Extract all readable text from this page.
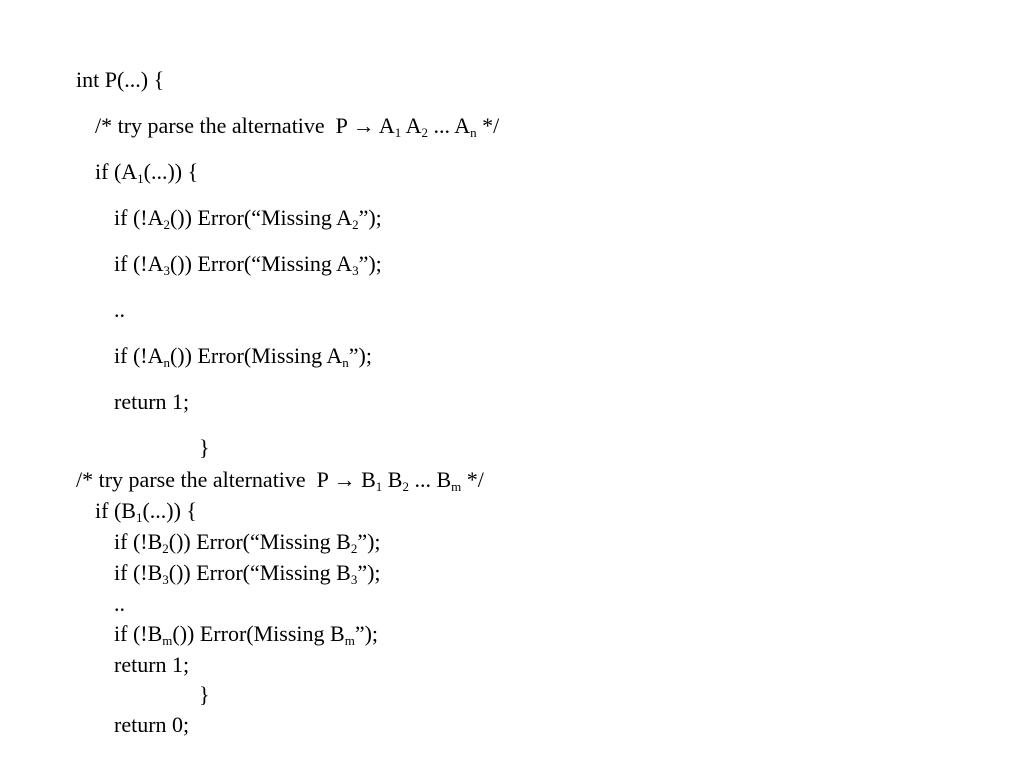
int P(...) {
/* try parse the alternative  $P \to A_1$ $A_2$ ... $A_n$ */
if $(A_1(...))$ {
if $(!A_2())$ Error(“Missing $A_2$”);
if $(!A_3())$ Error(“Missing $A_3$”);
..
if $(!A_n())$ Error(Missing $A_n$”);
return 1;
}
/* try parse the alternative  $P \to B_1$ $B_2$ ... $B_m$ */
if $(B_1(...))$ {
if $(!B_2())$ Error(“Missing $B_2$”);
if $(!B_3())$ Error(“Missing $B_3$”);
..
if $(!B_m())$ Error(Missing $B_m$”);
return 1;
}
return 0;
